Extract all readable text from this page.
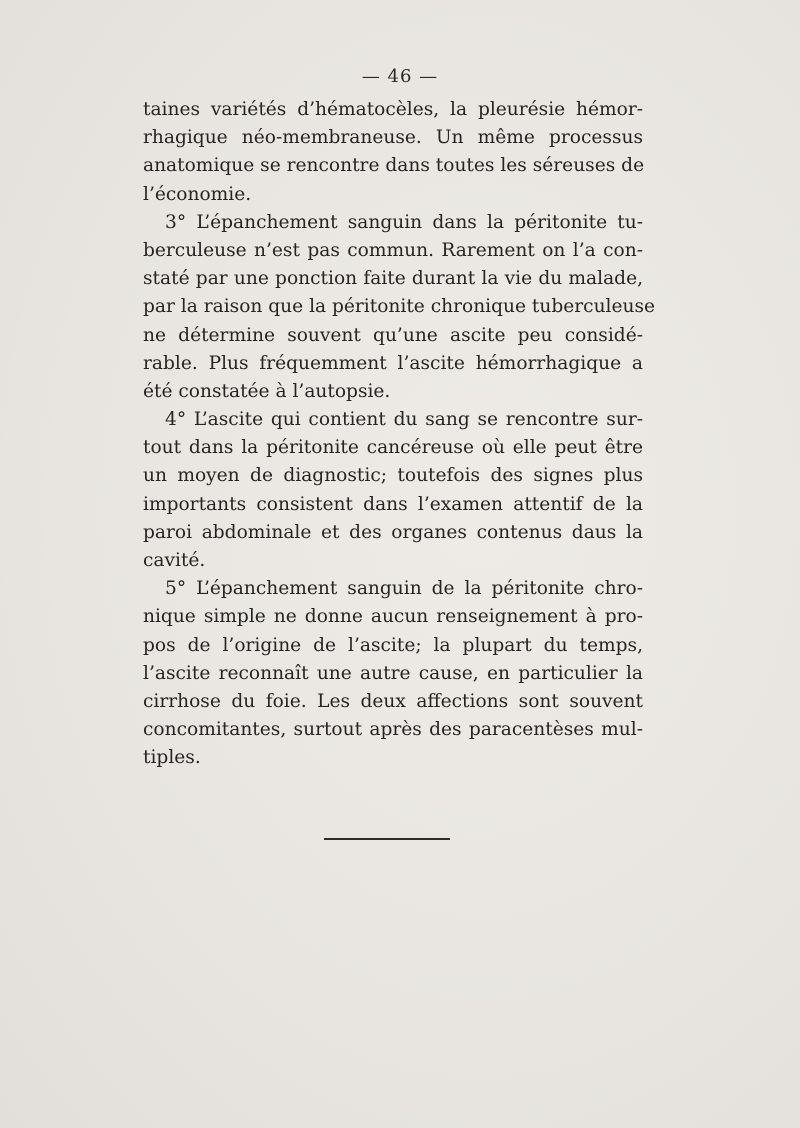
— 46 —
taines variétés d’hématocèles, la pleurésie hémor-
rhagique néo-membraneuse. Un même processus
anatomique se rencontre dans toutes les séreuses de
l’économie.
3° L’épanchement sanguin dans la péritonite tu-
berculeuse n’est pas commun. Rarement on l’a con-
staté par une ponction faite durant la vie du malade,
par la raison que la péritonite chronique tuberculeuse
ne détermine souvent qu’une ascite peu considé-
rable. Plus fréquemment l’ascite hémorrhagique a
été constatée à l’autopsie.
4° L’ascite qui contient du sang se rencontre sur-
tout dans la péritonite cancéreuse où elle peut être
un moyen de diagnostic; toutefois des signes plus
importants consistent dans l’examen attentif de la
paroi abdominale et des organes contenus daus la
cavité.
5° L’épanchement sanguin de la péritonite chro-
nique simple ne donne aucun renseignement à pro-
pos de l’origine de l’ascite; la plupart du temps,
l’ascite reconnaît une autre cause, en particulier la
cirrhose du foie. Les deux affections sont souvent
concomitantes, surtout après des paracentèses mul-
tiples.
